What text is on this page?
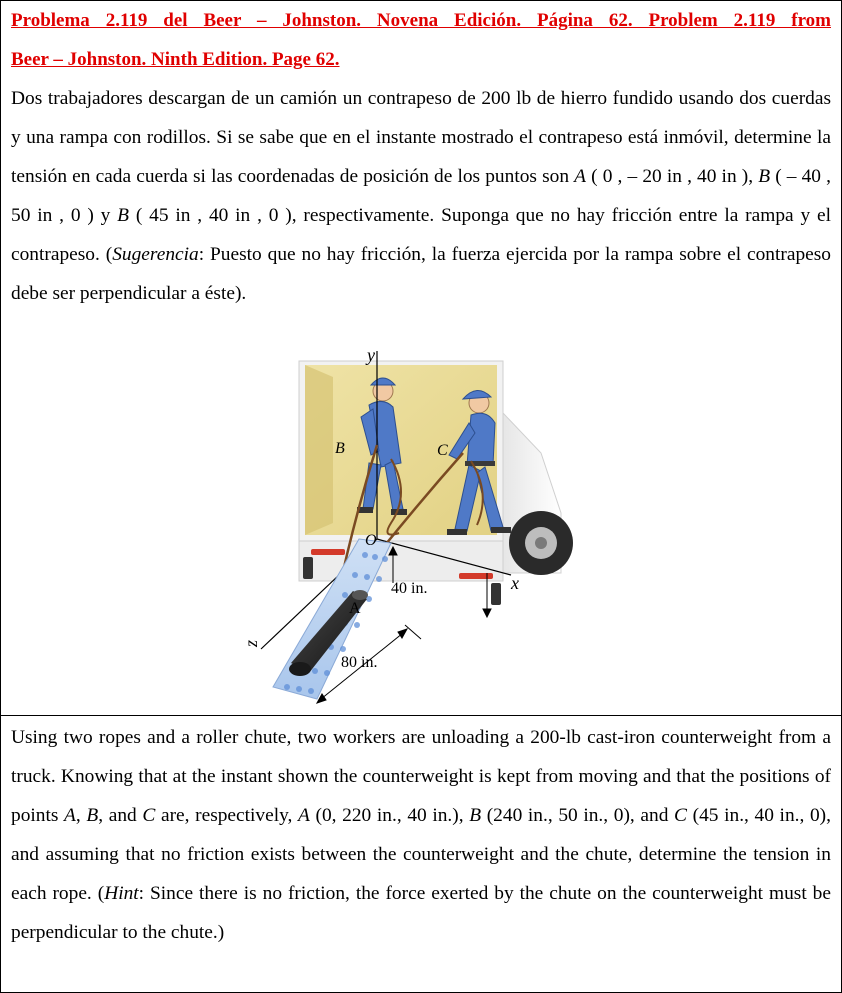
Problema 2.119 del Beer – Johnston. Novena Edición. Página 62. Problem 2.119 from
Beer – Johnston. Ninth Edition. Page 62.

Dos trabajadores descargan de un camión un contrapeso de 200 lb de hierro fundido usando dos cuerdas y una rampa con rodillos. Si se sabe que en el instante mostrado el contrapeso está inmóvil, determine la tensión en cada cuerda si las coordenadas de posición de los puntos son A ( 0 , – 20 in , 40 in ), B ( – 40 , 50 in , 0 ) y B ( 45 in , 40 in , 0 ), respectivamente. Suponga que no hay fricción entre la rampa y el contrapeso. (Sugerencia: Puesto que no hay fricción, la fuerza ejercida por la rampa sobre el contrapeso debe ser perpendicular a éste).

y
x
z
B	C
O
A
40 in.
80 in.

Using two ropes and a roller chute, two workers are unloading a 200-lb cast-iron counterweight from a truck. Knowing that at the instant shown the counterweight is kept from moving and that the positions of points A, B, and C are, respectively, A (0, 220 in., 40 in.), B (240 in., 50 in., 0), and C (45 in., 40 in., 0), and assuming that no friction exists between the counterweight and the chute, determine the tension in each rope. (Hint: Since there is no friction, the force exerted by the chute on the counterweight must be perpendicular to the chute.)
